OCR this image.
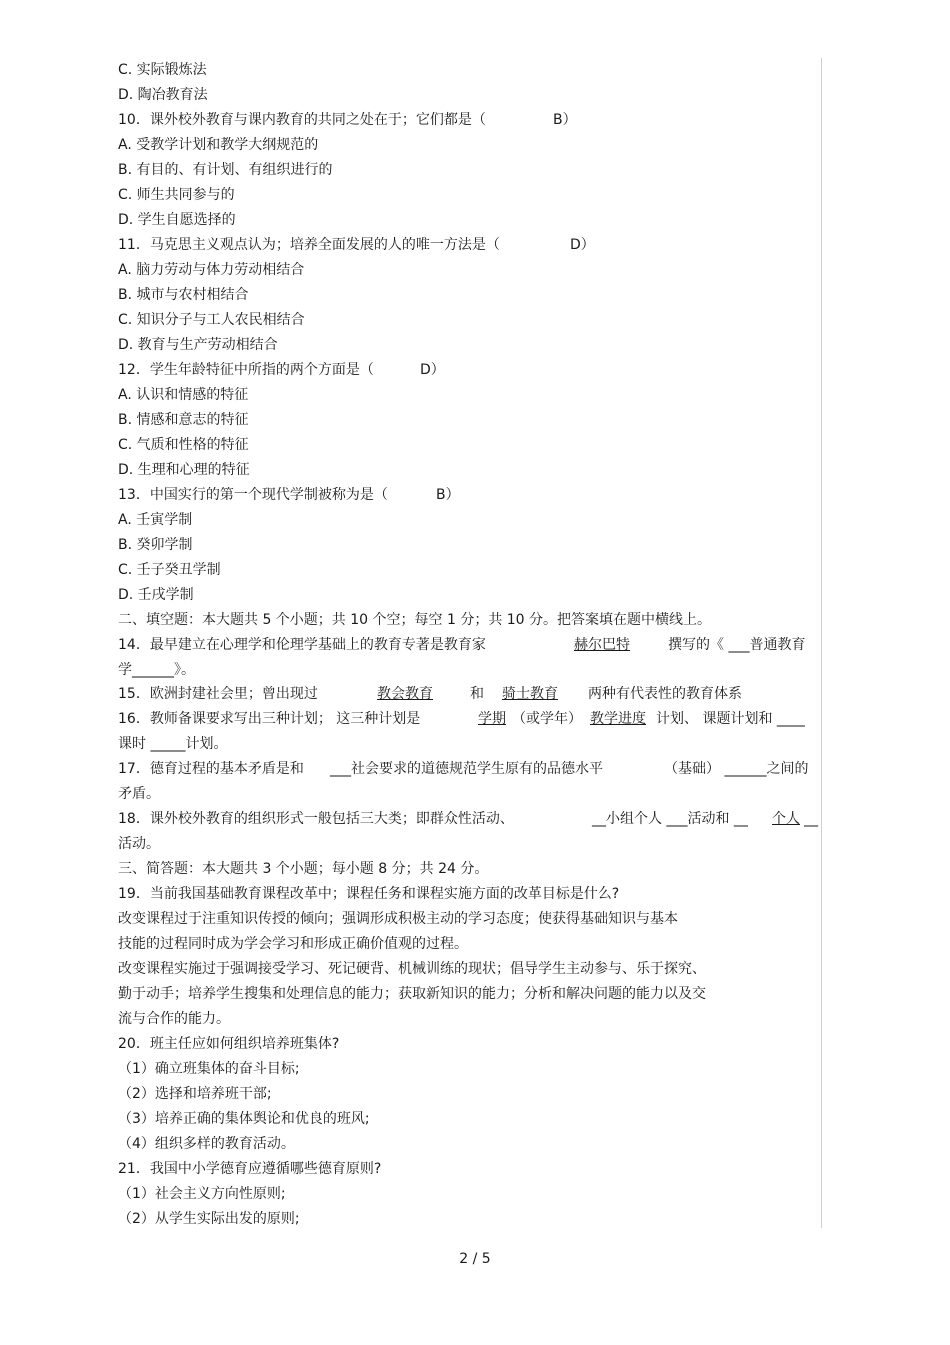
C. 实际锻炼法
D. 陶冶教育法
10．课外校外教育与课内教育的共同之处在于；它们都是（	B）
A. 受教学计划和教学大纲规范的
B. 有目的、有计划、有组织进行的
C. 师生共同参与的
D. 学生自愿选择的
11．马克思主义观点认为；培养全面发展的人的唯一方法是（	D）
A. 脑力劳动与体力劳动相结合
B. 城市与农村相结合
C. 知识分子与工人农民相结合
D. 教育与生产劳动相结合
12．学生年龄特征中所指的两个方面是（	D）
A. 认识和情感的特征
B. 情感和意志的特征
C. 气质和性格的特征
D. 生理和心理的特征
13．中国实行的第一个现代学制被称为是（	B）
A. 壬寅学制
B. 癸卯学制
C. 壬子癸丑学制
D. 壬戌学制
二、填空题：本大题共 5 个小题；共 10 个空；每空 1 分；共 10 分。把答案填在题中横线上。
14．最早建立在心理学和伦理学基础上的教育专著是教育家	赫尔巴特	撰写的《 ___普通教育
学______》。
15．欧洲封建社会里；曾出现过	教会教育	和 骑士教育 两种有代表性的教育体系
16．教师备课要求写出三种计划； 这三种计划是	学期 （或学年） 教学进度 计划、 课题计划和 ____
课时 _____计划。
17．德育过程的基本矛盾是和 ___社会要求的道德规范学生原有的品德水平	（基础） ______之间的
矛盾。
18．课外校外教育的组织形式一般包括三大类；即群众性活动、	__小组个人 ___活动和 __ 个人 __
活动。
三、简答题：本大题共 3 个小题；每小题 8 分；共 24 分。
19．当前我国基础教育课程改革中；课程任务和课程实施方面的改革目标是什么?
改变课程过于注重知识传授的倾向；强调形成积极主动的学习态度；使获得基础知识与基本
技能的过程同时成为学会学习和形成正确价值观的过程。
改变课程实施过于强调接受学习、死记硬背、机械训练的现状；倡导学生主动参与、乐于探究、
勤于动手；培养学生搜集和处理信息的能力；获取新知识的能力；分析和解决问题的能力以及交
流与合作的能力。
20．班主任应如何组织培养班集体?
（1）确立班集体的奋斗目标;
（2）选择和培养班干部;
（3）培养正确的集体舆论和优良的班风;
（4）组织多样的教育活动。
21．我国中小学德育应遵循哪些德育原则?
（1）社会主义方向性原则;
（2）从学生实际出发的原则;
2 / 5
